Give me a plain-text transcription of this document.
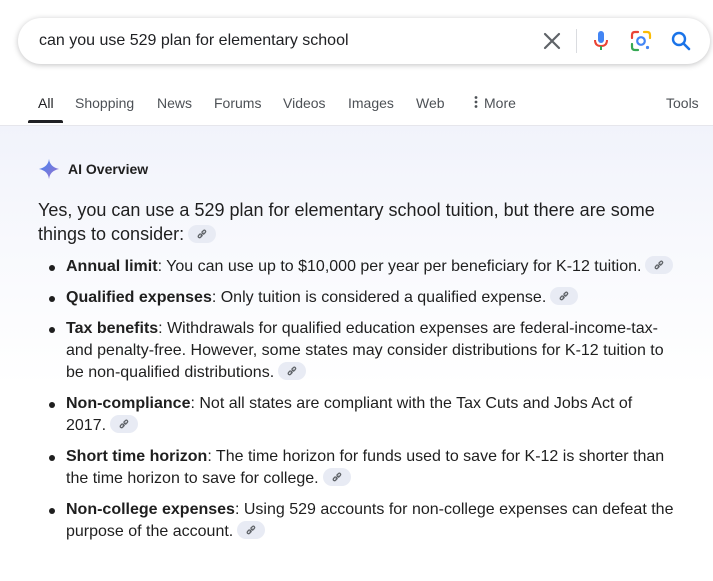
can you use 529 plan for elementary school
All Shopping News Forums Videos Images Web	More	Tools
AI Overview

Yes, you can use a 529 plan for elementary school tuition, but there are some things to consider:

Annual limit: You can use up to $10,000 per year per beneficiary for K-12 tuition.
Qualified expenses: Only tuition is considered a qualified expense.
Tax benefits: Withdrawals for qualified education expenses are federal-income-tax- and penalty-free. However, some states may consider distributions for K-12 tuition to be non-qualified distributions.
Non-compliance: Not all states are compliant with the Tax Cuts and Jobs Act of 2017.
Short time horizon: The time horizon for funds used to save for K-12 is shorter than the time horizon to save for college.
Non-college expenses: Using 529 accounts for non-college expenses can defeat the purpose of the account.
